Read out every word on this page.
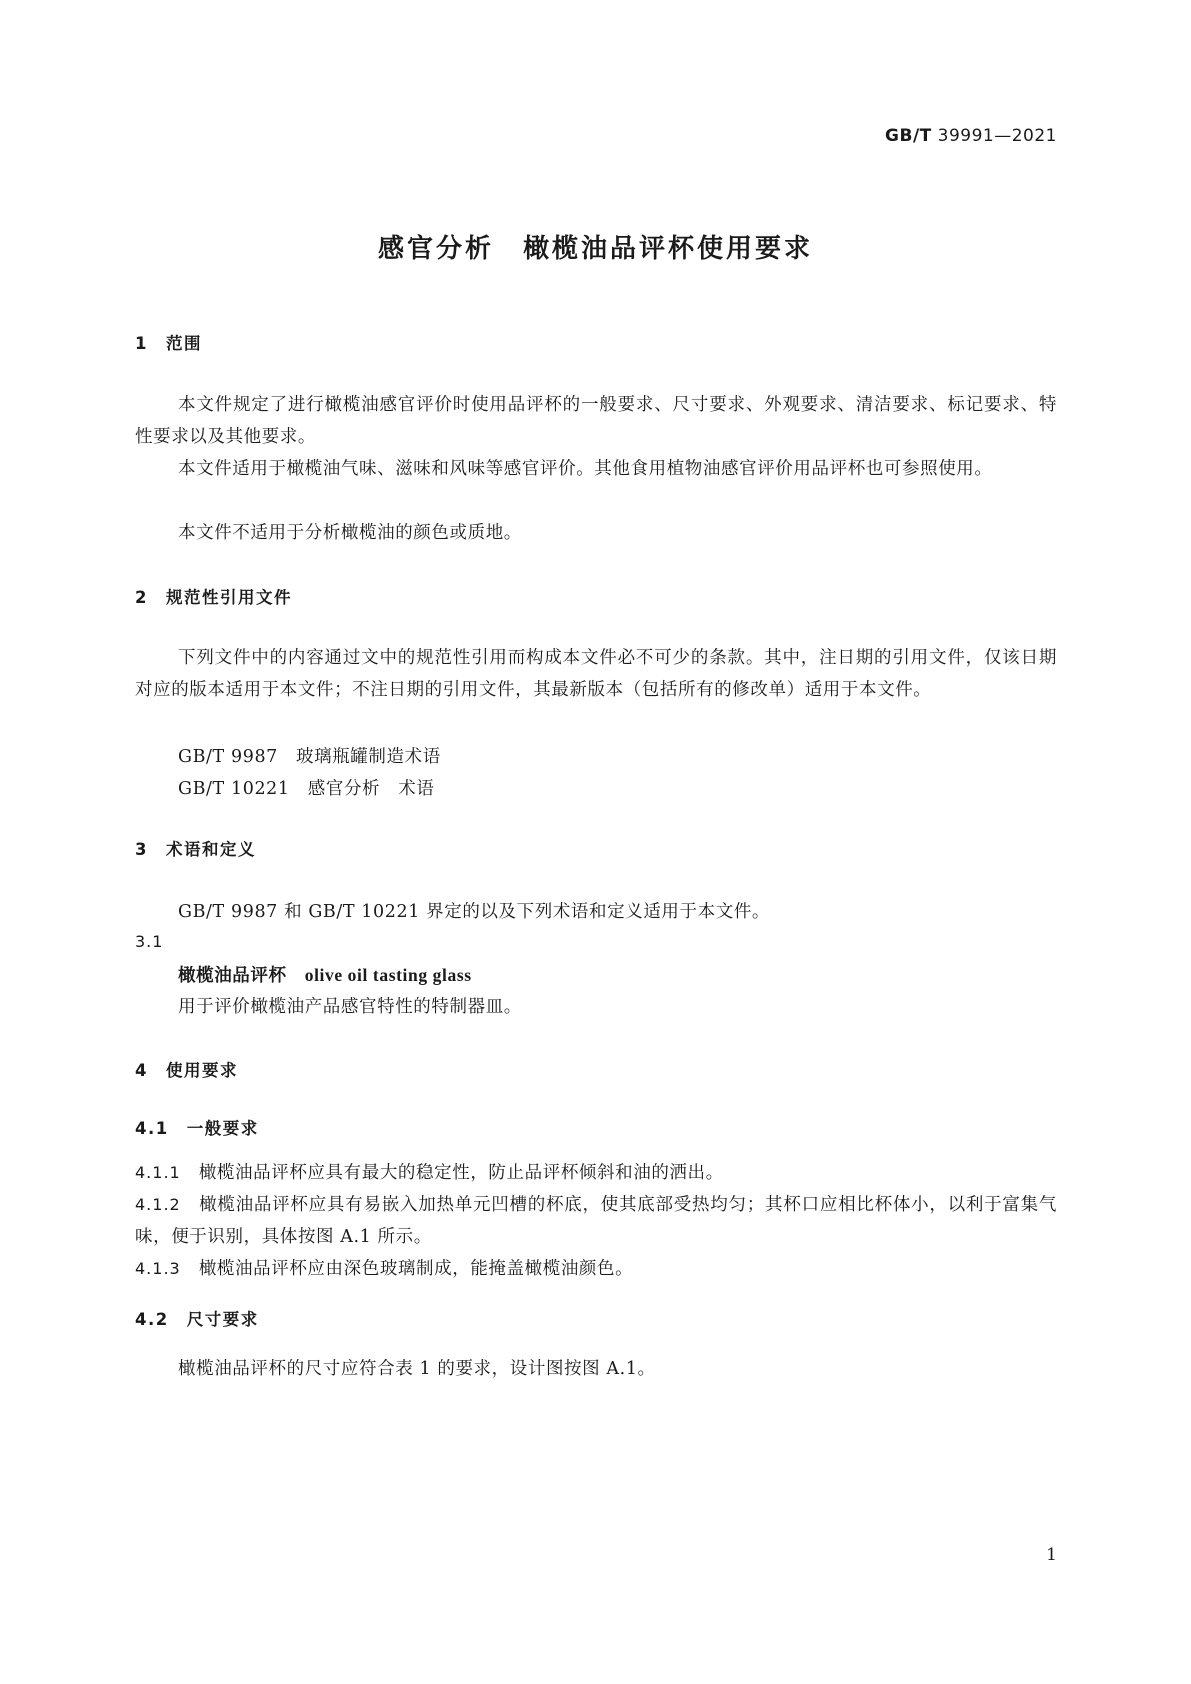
GB/T 39991—2021
感官分析　橄榄油品评杯使用要求
1　范围

本文件规定了进行橄榄油感官评价时使用品评杯的一般要求、尺寸要求、外观要求、清洁要求、标记要求、特性要求以及其他要求。

本文件适用于橄榄油气味、滋味和风味等感官评价。其他食用植物油感官评价用品评杯也可参照使用。

本文件不适用于分析橄榄油的颜色或质地。

2　规范性引用文件

下列文件中的内容通过文中的规范性引用而构成本文件必不可少的条款。其中，注日期的引用文件，仅该日期对应的版本适用于本文件；不注日期的引用文件，其最新版本（包括所有的修改单）适用于本文件。

GB/T 9987　玻璃瓶罐制造术语

GB/T 10221　感官分析　术语

3　术语和定义

GB/T 9987 和 GB/T 10221 界定的以及下列术语和定义适用于本文件。

3.1

橄榄油品评杯　 olive oil tasting glass

用于评价橄榄油产品感官特性的特制器皿。

4　使用要求
4.1　一般要求

4.1.1　 橄榄油品评杯应具有最大的稳定性，防止品评杯倾斜和油的洒出。

4.1.2　 橄榄油品评杯应具有易嵌入加热单元凹槽的杯底，使其底部受热均匀；其杯口应相比杯体小，以利于富集气味，便于识别，具体按图 A.1 所示。

4.1.3　 橄榄油品评杯应由深色玻璃制成，能掩盖橄榄油颜色。

4.2　尺寸要求

橄榄油品评杯的尺寸应符合表 1 的要求，设计图按图 A.1。

1
